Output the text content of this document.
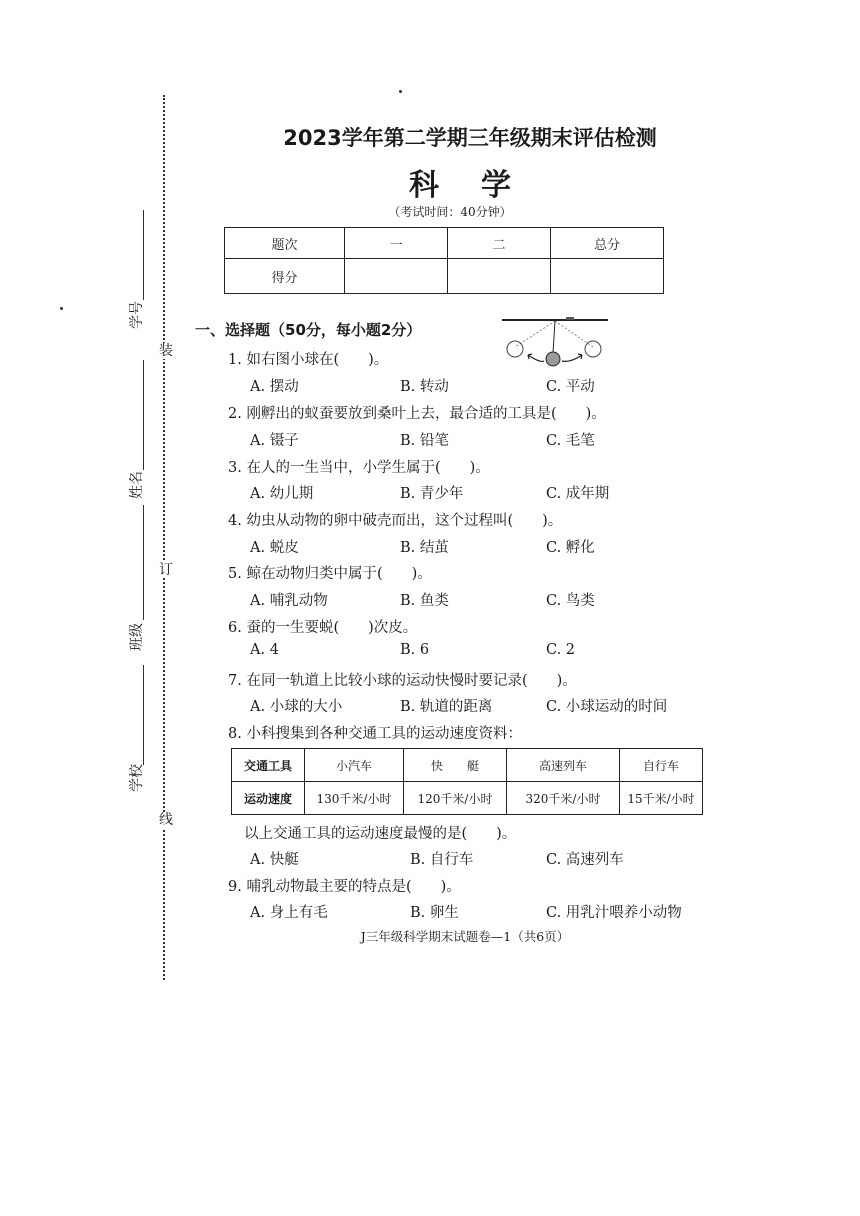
装
订
线
学号
姓名
班级
学校
2023学年第二学期三年级期末评估检测
科学
（考试时间：40分钟）
题次	一	二	总分
得分			
一、选择题（50分，每小题2分）
1. 如右图小球在(　　)。
A. 摆动	B. 转动	C. 平动
2. 刚孵出的蚁蚕要放到桑叶上去，最合适的工具是(　　)。
A. 镊子	B. 铅笔	C. 毛笔
3. 在人的一生当中，小学生属于(　　)。
A. 幼儿期	B. 青少年	C. 成年期
4. 幼虫从动物的卵中破壳而出，这个过程叫(　　)。
A. 蜕皮	B. 结茧	C. 孵化
5. 鲸在动物归类中属于(　　)。
A. 哺乳动物	B. 鱼类	C. 鸟类
6. 蚕的一生要蜕(　　)次皮。
A. 4	B. 6	C. 2
7. 在同一轨道上比较小球的运动快慢时要记录(　　)。
A. 小球的大小	B. 轨道的距离	C. 小球运动的时间
8. 小科搜集到各种交通工具的运动速度资料：
交通工具	小汽车	快　　艇	高速列车	自行车
运动速度	130千米/小时	120千米/小时	320千米/小时	15千米/小时
以上交通工具的运动速度最慢的是(　　)。
A. 快艇	B. 自行车	C. 高速列车
9. 哺乳动物最主要的特点是(　　)。
A. 身上有毛	B. 卵生	C. 用乳汁喂养小动物
J三年级科学期末试题卷—1（共6页）
